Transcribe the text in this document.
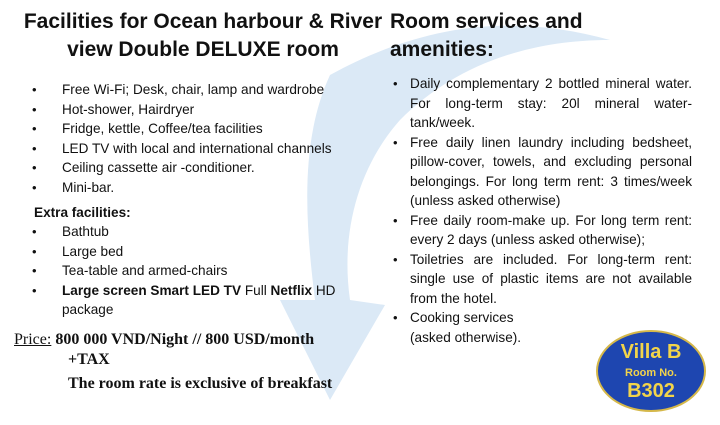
Facilities for Ocean harbour & River
view Double DELUXE room
• Free Wi-Fi; Desk, chair, lamp and wardrobe
• Hot-shower, Hairdryer
• Fridge, kettle, Coffee/tea facilities
• LED TV with local and international channels
• Ceiling cassette air -conditioner.
• Mini-bar.
Extra facilities:
• Bathtub
• Large bed
• Tea-table and armed-chairs
• Large screen Smart LED TV Full Netflix HD package
Price: 800 000 VND/Night // 800 USD/month
+TAX
The room rate is exclusive of breakfast
Room services and amenities:
• Daily complementary 2 bottled mineral water. For long-term stay: 20l mineral water-tank/week.
• Free daily linen laundry including bedsheet, pillow-cover, towels, and excluding personal belongings. For long term rent: 3 times/week (unless asked otherwise)
• Free daily room-make up. For long term rent: every 2 days (unless asked otherwise);
• Toiletries are included. For long-term rent: single use of plastic items are not available from the hotel.
• Cooking services
(asked otherwise).
Villa B
Room No.
B302
